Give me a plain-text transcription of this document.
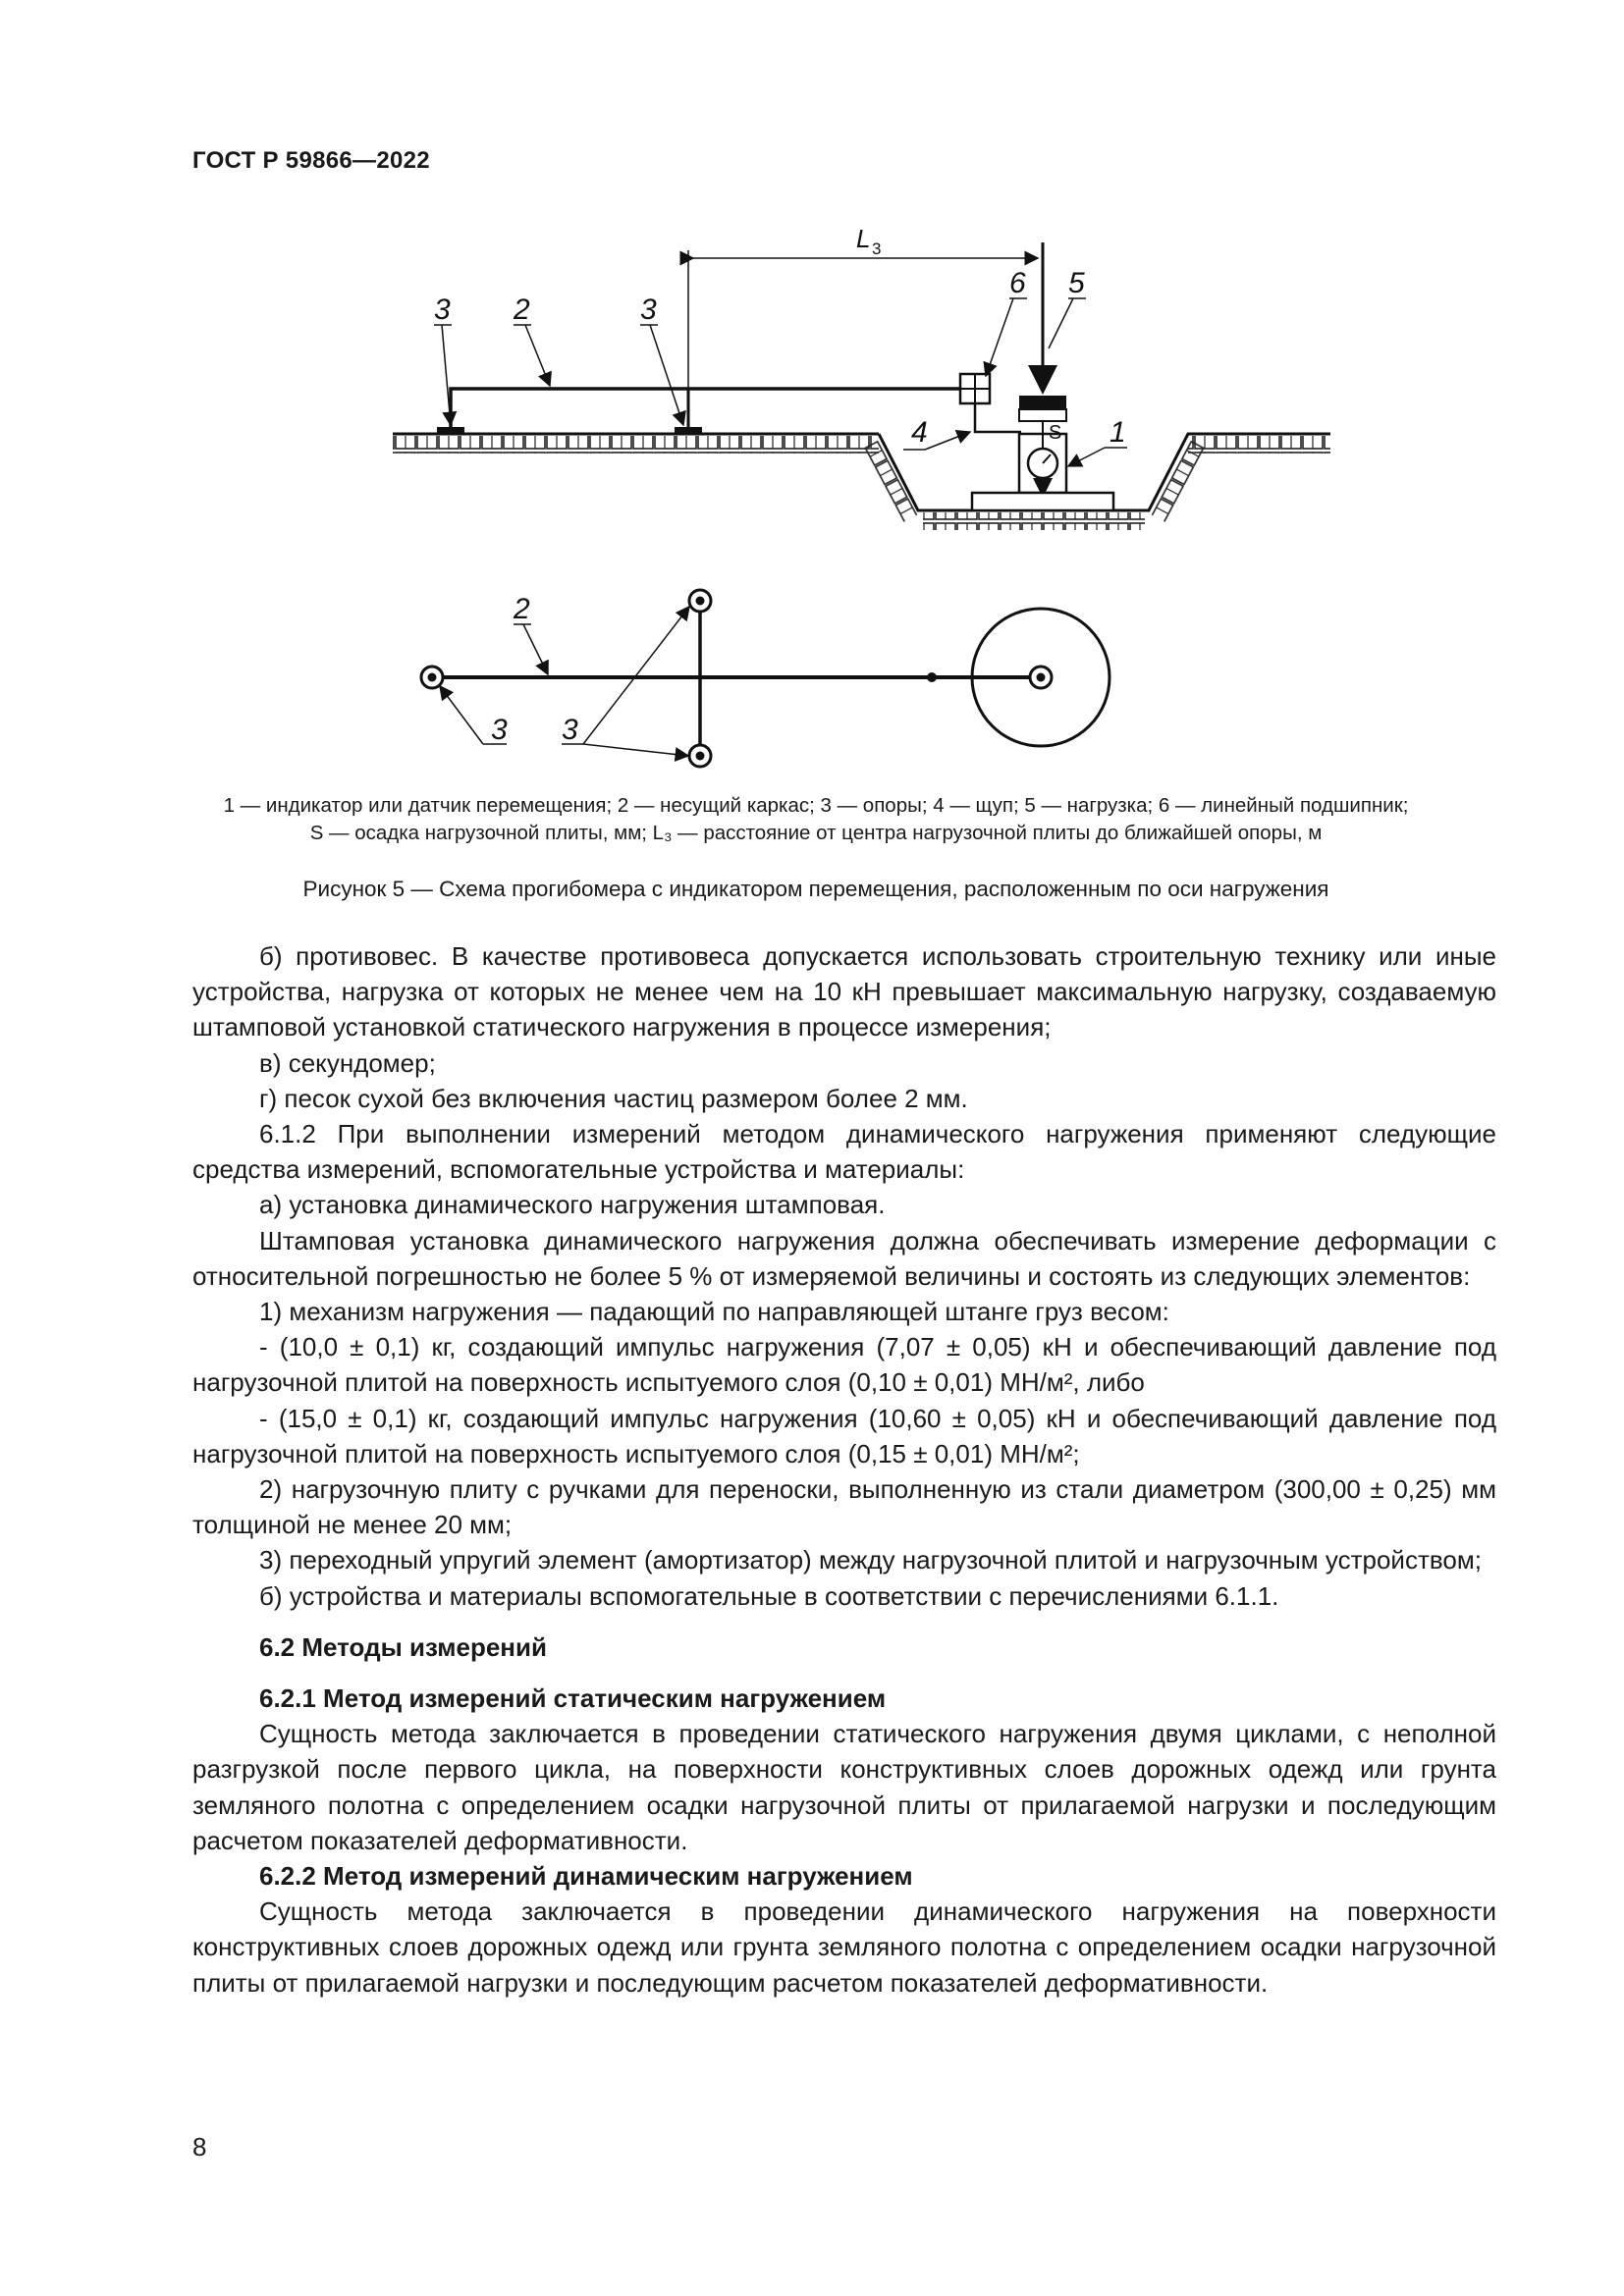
ГОСТ Р 59866—2022
L 3
3 2	3
6 5
4	1
S
2
3 3
1 — индикатор или датчик перемещения; 2 — несущий каркас; 3 — опоры; 4 — щуп; 5 — нагрузка; 6 — линейный подшипник;
S — осадка нагрузочной плиты, мм; L₃ — расстояние от центра нагрузочной плиты до ближайшей опоры, м
Рисунок 5 — Схема прогибомера с индикатором перемещения, расположенным по оси нагружения

б) противовес. В качестве противовеса допускается использовать строительную технику или иные устройства, нагрузка от которых не менее чем на 10 кН превышает максимальную нагрузку, создаваемую штамповой установкой статического нагружения в процессе измерения;

в) секундомер;

г) песок сухой без включения частиц размером более 2 мм.

6.1.2 При выполнении измерений методом динамического нагружения применяют следующие средства измерений, вспомогательные устройства и материалы:

а) установка динамического нагружения штамповая.

Штамповая установка динамического нагружения должна обеспечивать измерение деформации с относительной погрешностью не более 5 % от измеряемой величины и состоять из следующих элементов:

1) механизм нагружения — падающий по направляющей штанге груз весом:

- (10,0 ± 0,1) кг, создающий импульс нагружения (7,07 ± 0,05) кН и обеспечивающий давление под нагрузочной плитой на поверхность испытуемого слоя (0,10 ± 0,01) МН/м², либо

- (15,0 ± 0,1) кг, создающий импульс нагружения (10,60 ± 0,05) кН и обеспечивающий давление под нагрузочной плитой на поверхность испытуемого слоя (0,15 ± 0,01) МН/м²;

2) нагрузочную плиту с ручками для переноски, выполненную из стали диаметром (300,00 ± 0,25) мм толщиной не менее 20 мм;

3) переходный упругий элемент (амортизатор) между нагрузочной плитой и нагрузочным устройством;

б) устройства и материалы вспомогательные в соответствии с перечислениями 6.1.1.

6.2 Методы измерений
6.2.1 Метод измерений статическим нагружением

Сущность метода заключается в проведении статического нагружения двумя циклами, с неполной разгрузкой после первого цикла, на поверхности конструктивных слоев дорожных одежд или грунта земляного полотна с определением осадки нагрузочной плиты от прилагаемой нагрузки и последующим расчетом показателей деформативности.

6.2.2 Метод измерений динамическим нагружением

Сущность метода заключается в проведении динамического нагружения на поверхности конструктивных слоев дорожных одежд или грунта земляного полотна с определением осадки нагрузочной плиты от прилагаемой нагрузки и последующим расчетом показателей деформативности.

8
